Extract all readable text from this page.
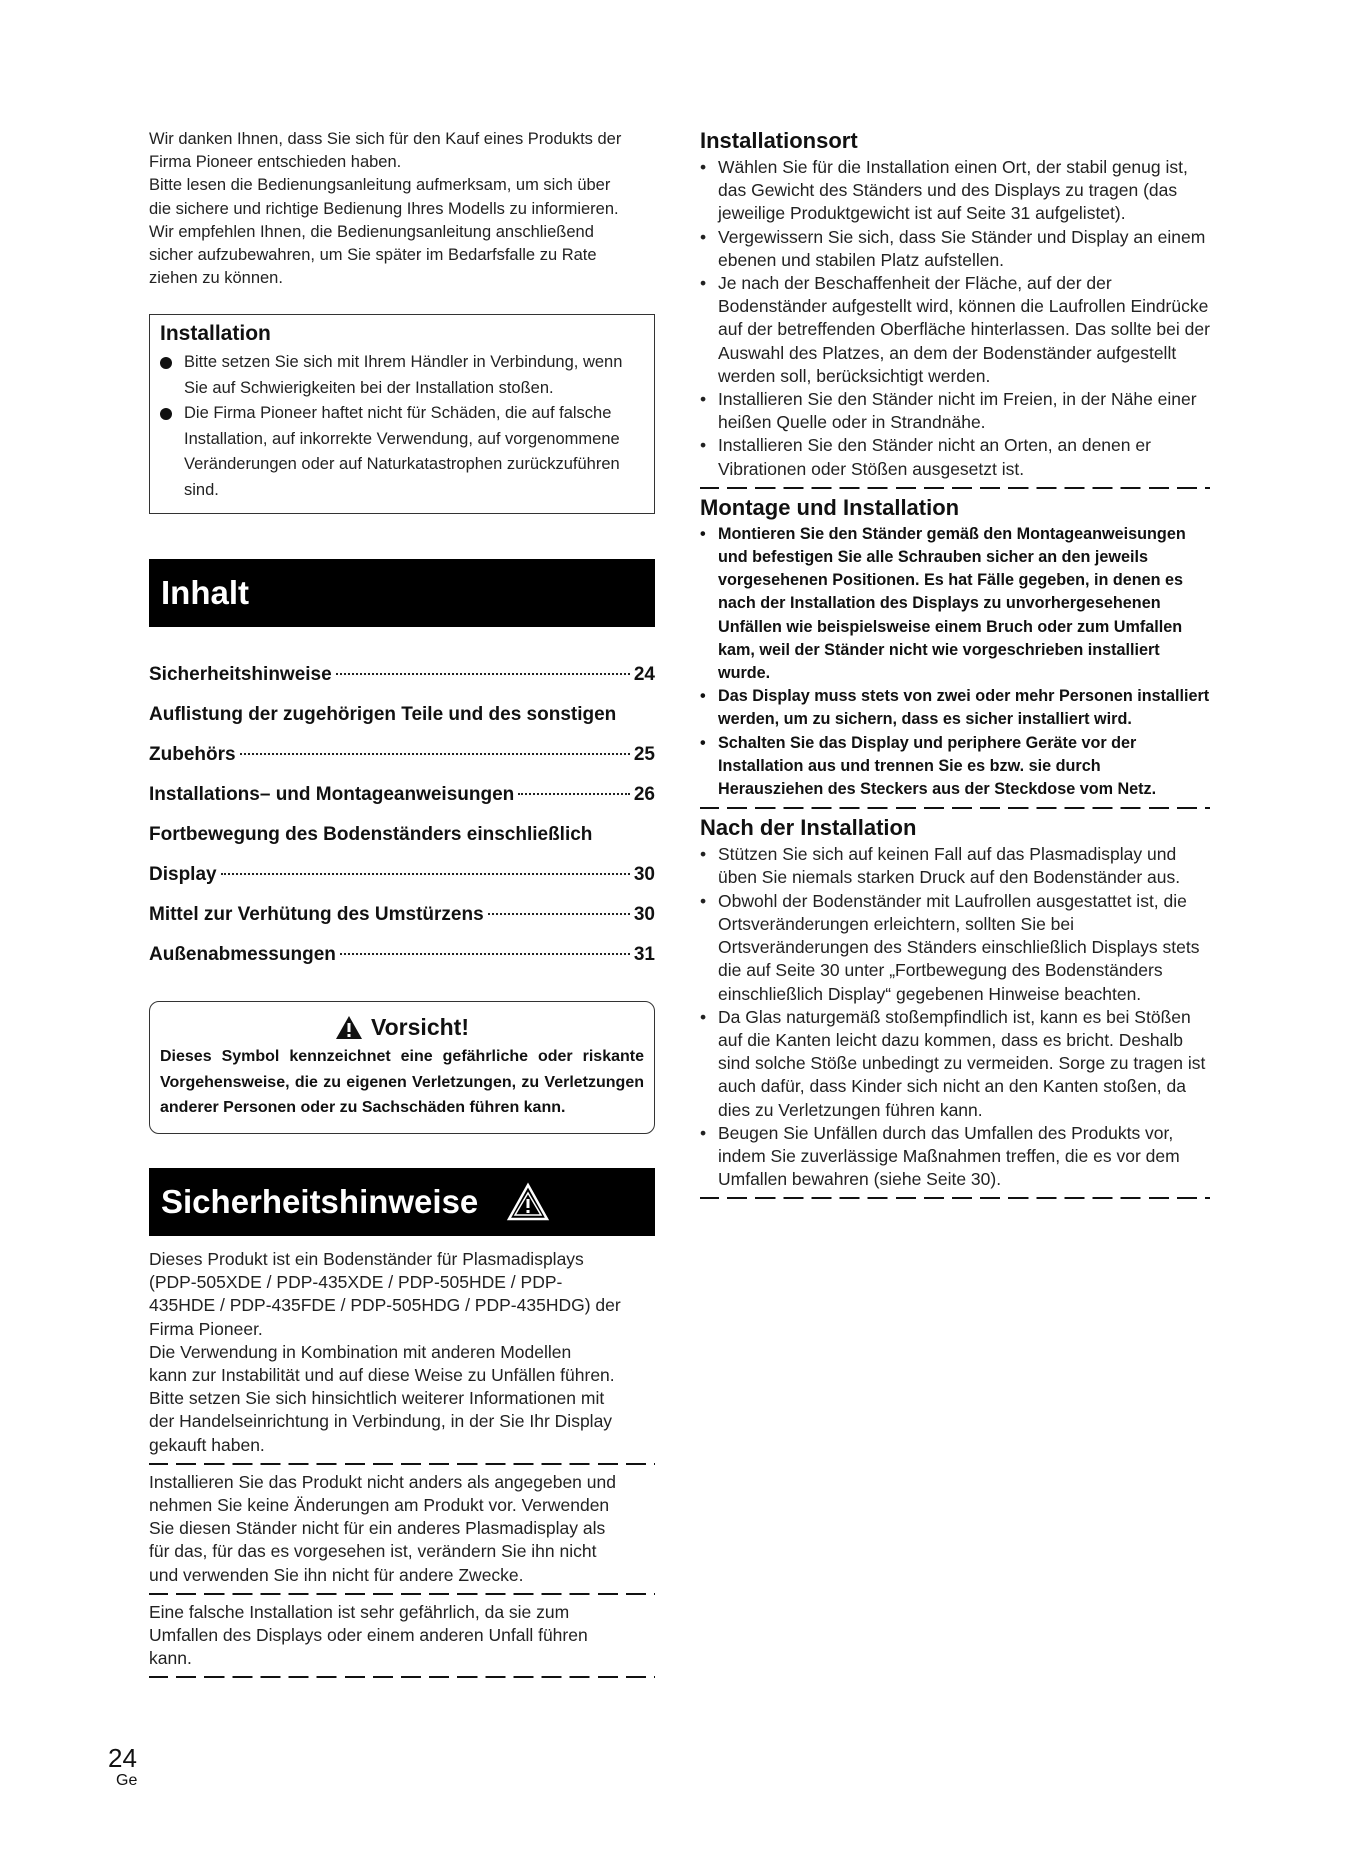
Wir danken Ihnen, dass Sie sich für den Kauf eines Produkts der

Firma Pioneer entschieden haben.

Bitte lesen die Bedienungsanleitung aufmerksam, um sich über

die sichere und richtige Bedienung Ihres Modells zu informieren.

Wir empfehlen Ihnen, die Bedienungsanleitung anschließend

sicher aufzubewahren, um Sie später im Bedarfsfalle zu Rate

ziehen zu können.

Installation
Bitte setzen Sie sich mit Ihrem Händler in Verbindung, wenn Sie auf Schwierigkeiten bei der Installation stoßen.
Die Firma Pioneer haftet nicht für Schäden, die auf falsche Installation, auf inkorrekte Verwendung, auf vorgenommene Veränderungen oder auf Naturkatastrophen zurückzuführen sind.
Inhalt
Sicherheitshinweise	24
Auflistung der zugehörigen Teile und des sonstigen
Zubehörs	25
Installations– und Montageanweisungen	26
Fortbewegung des Bodenständers einschließlich
Display	30
Mittel zur Verhütung des Umstürzens	30
Außenabmessungen	31
Vorsicht!
Dieses Symbol kennzeichnet eine gefährliche oder riskante Vorgehensweise, die zu eigenen Verletzungen, zu Verletzungen anderer Personen oder zu Sachschäden führen kann.
Sicherheitshinweise

Dieses Produkt ist ein Bodenständer für Plasmadisplays

(PDP-505XDE / PDP-435XDE / PDP-505HDE / PDP-

435HDE / PDP-435FDE / PDP-505HDG / PDP-435HDG) der

Firma Pioneer.

Die Verwendung in Kombination mit anderen Modellen

kann zur Instabilität und auf diese Weise zu Unfällen führen.

Bitte setzen Sie sich hinsichtlich weiterer Informationen mit

der Handelseinrichtung in Verbindung, in der Sie Ihr Display

gekauft haben.

Installieren Sie das Produkt nicht anders als angegeben und

nehmen Sie keine Änderungen am Produkt vor. Verwenden

Sie diesen Ständer nicht für ein anderes Plasmadisplay als

für das, für das es vorgesehen ist, verändern Sie ihn nicht

und verwenden Sie ihn nicht für andere Zwecke.

Eine falsche Installation ist sehr gefährlich, da sie zum

Umfallen des Displays oder einem anderen Unfall führen

kann.

Installationsort
• Wählen Sie für die Installation einen Ort, der stabil genug ist, das Gewicht des Ständers und des Displays zu tragen (das jeweilige Produktgewicht ist auf Seite 31 aufgelistet).
• Vergewissern Sie sich, dass Sie Ständer und Display an einem ebenen und stabilen Platz aufstellen.
• Je nach der Beschaffenheit der Fläche, auf der der Bodenständer aufgestellt wird, können die Laufrollen Eindrücke auf der betreffenden Oberfläche hinterlassen. Das sollte bei der Auswahl des Platzes, an dem der Bodenständer aufgestellt werden soll, berücksichtigt werden.
• Installieren Sie den Ständer nicht im Freien, in der Nähe einer heißen Quelle oder in Strandnähe.
• Installieren Sie den Ständer nicht an Orten, an denen er Vibrationen oder Stößen ausgesetzt ist.
Montage und Installation
• Montieren Sie den Ständer gemäß den Montageanweisungen und befestigen Sie alle Schrauben sicher an den jeweils vorgesehenen Positionen. Es hat Fälle gegeben, in denen es nach der Installation des Displays zu unvorhergesehenen Unfällen wie beispielsweise einem Bruch oder zum Umfallen kam, weil der Ständer nicht wie vorgeschrieben installiert wurde.
• Das Display muss stets von zwei oder mehr Personen installiert werden, um zu sichern, dass es sicher installiert wird.
• Schalten Sie das Display und periphere Geräte vor der Installation aus und trennen Sie es bzw. sie durch Herausziehen des Steckers aus der Steckdose vom Netz.
Nach der Installation
• Stützen Sie sich auf keinen Fall auf das Plasmadisplay und üben Sie niemals starken Druck auf den Bodenständer aus.
• Obwohl der Bodenständer mit Laufrollen ausgestattet ist, die Ortsveränderungen erleichtern, sollten Sie bei Ortsveränderungen des Ständers einschließlich Displays stets die auf Seite 30 unter „Fortbewegung des Bodenständers einschließlich Display“ gegebenen Hinweise beachten.
• Da Glas naturgemäß stoßempfindlich ist, kann es bei Stößen auf die Kanten leicht dazu kommen, dass es bricht. Deshalb sind solche Stöße unbedingt zu vermeiden. Sorge zu tragen ist auch dafür, dass Kinder sich nicht an den Kanten stoßen, da dies zu Verletzungen führen kann.
• Beugen Sie Unfällen durch das Umfallen des Produkts vor, indem Sie zuverlässige Maßnahmen treffen, die es vor dem Umfallen bewahren (siehe Seite 30).
24
Ge
